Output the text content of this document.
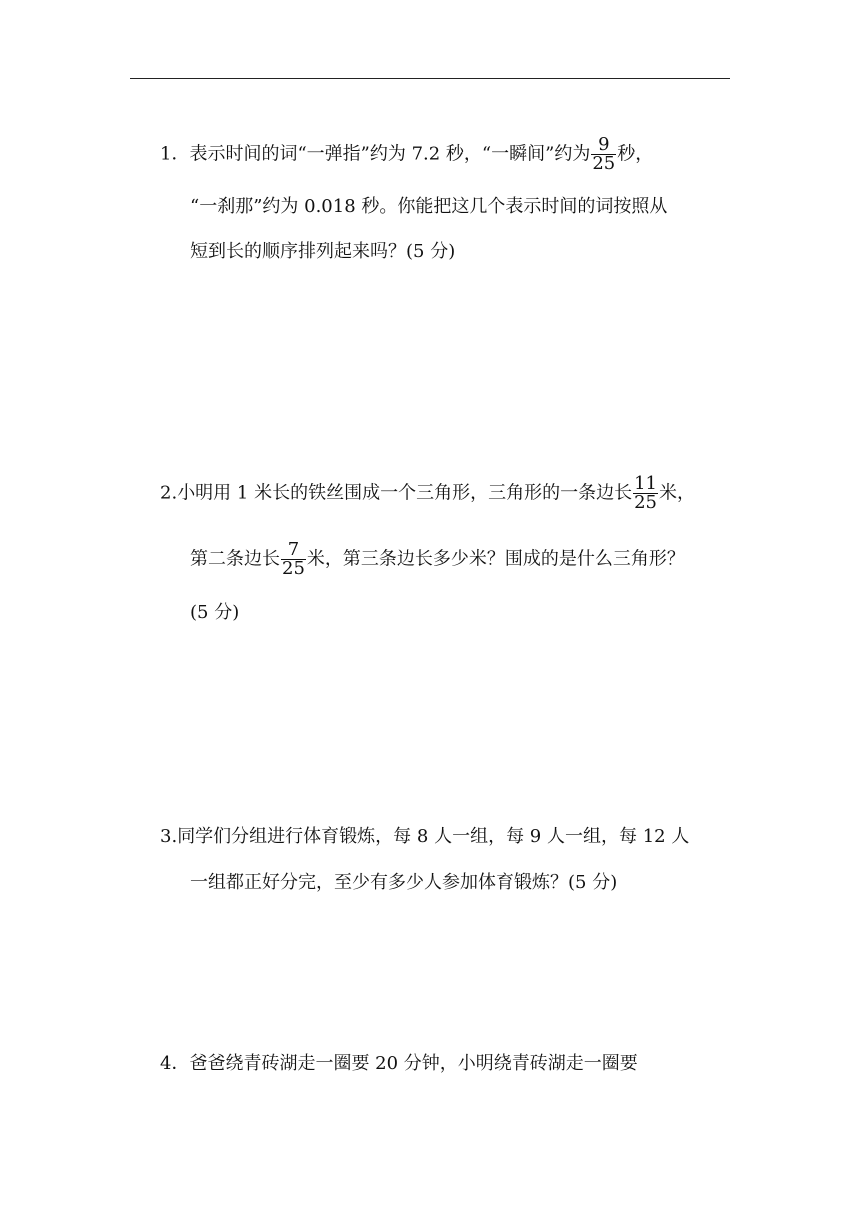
1．表示时间的词“一弹指”约为 7.2 秒，“一瞬间”约为 $\frac{9}{25}$ 秒，
“一刹那”约为 0.018 秒。你能把这几个表示时间的词按照从
短到长的顺序排列起来吗？(5 分)
2.小明用 1 米长的铁丝围成一个三角形，三角形的一条边长 $\frac{11}{25}$ 米，
第二条边长 $\frac{7}{25}$ 米，第三条边长多少米？围成的是什么三角形？
(5 分)
3.同学们分组进行体育锻炼，每 8 人一组，每 9 人一组，每 12 人
一组都正好分完，至少有多少人参加体育锻炼？(5 分)
4．爸爸绕青砖湖走一圈要 20 分钟，小明绕青砖湖走一圈要
